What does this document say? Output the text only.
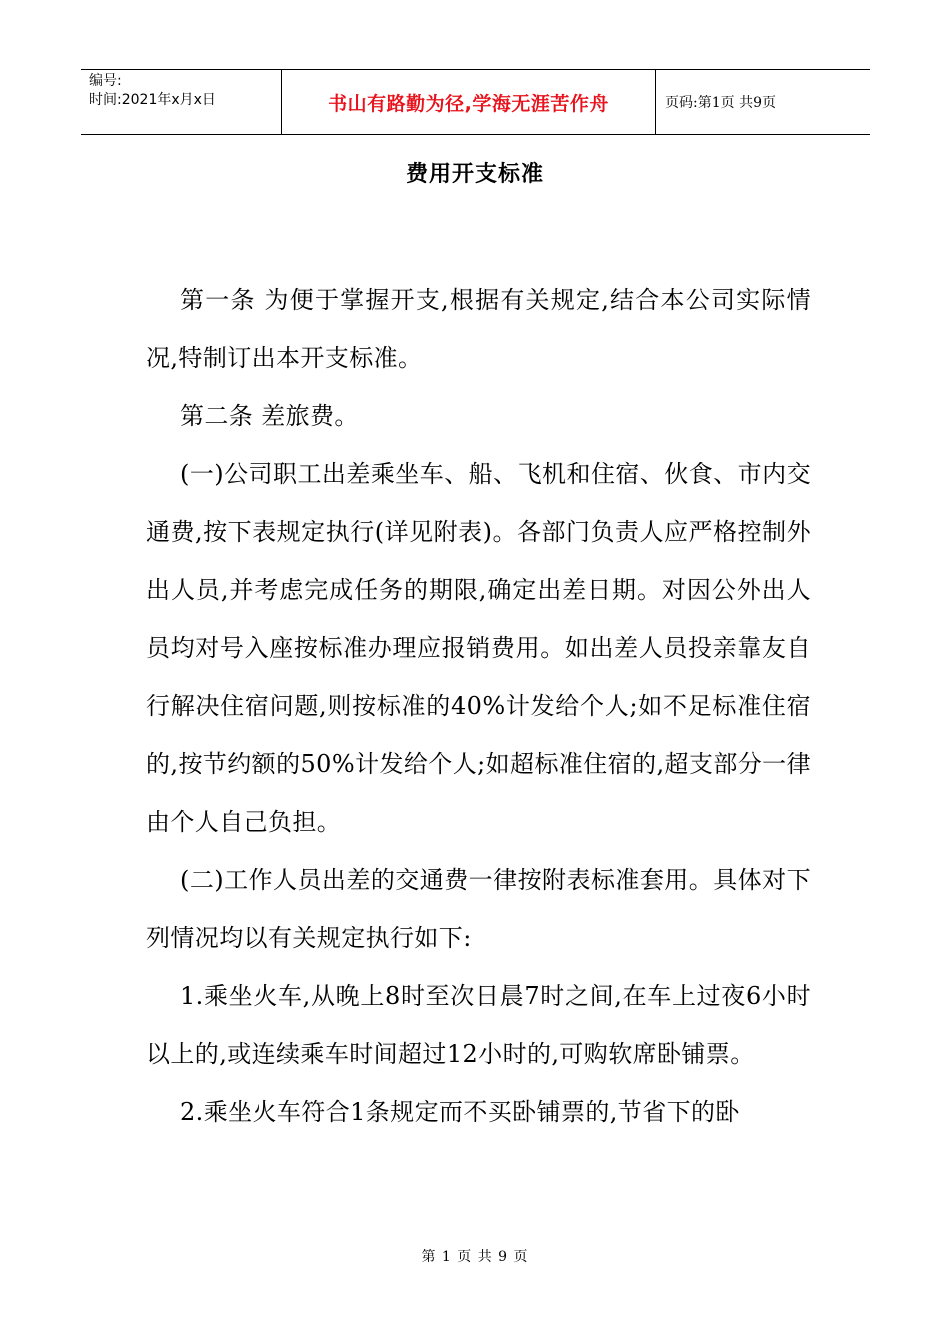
编号:
时间:2021年x月x日	书山有路勤为径,学海无涯苦作舟	页码:第1页 共9页
费用开支标准

第一条 为便于掌握开支,根据有关规定,结合本公司实际情况,特制订出本开支标准。

第二条 差旅费。

(一)公司职工出差乘坐车、船、飞机和住宿、伙食、市内交通费,按下表规定执行(详见附表)。各部门负责人应严格控制外出人员,并考虑完成任务的期限,确定出差日期。对因公外出人员均对号入座按标准办理应报销费用。如出差人员投亲靠友自行解决住宿问题,则按标准的40%计发给个人;如不足标准住宿的,按节约额的50%计发给个人;如超标准住宿的,超支部分一律由个人自己负担。

(二)工作人员出差的交通费一律按附表标准套用。具体对下列情况均以有关规定执行如下:

1.乘坐火车,从晚上8时至次日晨7时之间,在车上过夜6小时以上的,或连续乘车时间超过12小时的,可购软席卧铺票。

2.乘坐火车符合1条规定而不买卧铺票的,节省下的卧

第 1 页 共 9 页
